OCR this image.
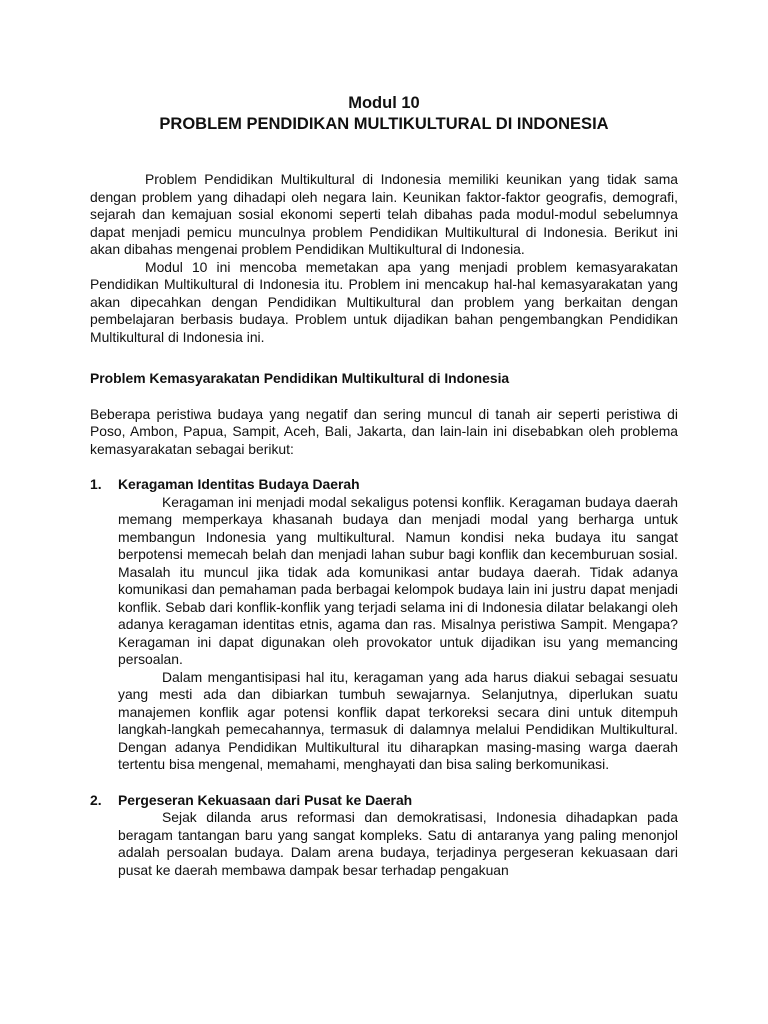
Modul 10
PROBLEM PENDIDIKAN MULTIKULTURAL DI INDONESIA

Problem Pendidikan Multikultural di Indonesia memiliki keunikan yang tidak sama dengan problem yang dihadapi oleh negara lain. Keunikan faktor-faktor geografis, demografi, sejarah dan kemajuan sosial ekonomi seperti telah dibahas pada modul-modul sebelumnya dapat menjadi pemicu munculnya problem Pendidikan Multikultural di Indonesia. Berikut ini akan dibahas mengenai problem Pendidikan Multikultural di Indonesia.

Modul 10 ini mencoba memetakan apa yang menjadi problem kemasyarakatan Pendidikan Multikultural di Indonesia itu. Problem ini mencakup hal-hal kemasyarakatan yang akan dipecahkan dengan Pendidikan Multikultural dan problem yang berkaitan dengan pembelajaran berbasis budaya. Problem untuk dijadikan bahan pengembangkan Pendidikan Multikultural di Indonesia ini.

Problem Kemasyarakatan Pendidikan Multikultural di Indonesia

Beberapa peristiwa budaya yang negatif dan sering muncul di tanah air seperti peristiwa di Poso, Ambon, Papua, Sampit, Aceh, Bali, Jakarta, dan lain-lain ini disebabkan oleh problema kemasyarakatan sebagai berikut:

1.	Keragaman Identitas Budaya Daerah

Keragaman ini menjadi modal sekaligus potensi konflik. Keragaman budaya daerah memang memperkaya khasanah budaya dan menjadi modal yang berharga untuk membangun Indonesia yang multikultural. Namun kondisi neka budaya itu sangat berpotensi memecah belah dan menjadi lahan subur bagi konflik dan kecemburuan sosial. Masalah itu muncul jika tidak ada komunikasi antar budaya daerah. Tidak adanya komunikasi dan pemahaman pada berbagai kelompok budaya lain ini justru dapat menjadi konflik. Sebab dari konflik-konflik yang terjadi selama ini di Indonesia dilatar belakangi oleh adanya keragaman identitas etnis, agama dan ras. Misalnya peristiwa Sampit. Mengapa? Keragaman ini dapat digunakan oleh provokator untuk dijadikan isu yang memancing persoalan.

Dalam mengantisipasi hal itu, keragaman yang ada harus diakui sebagai sesuatu yang mesti ada dan dibiarkan tumbuh sewajarnya. Selanjutnya, diperlukan suatu manajemen konflik agar potensi konflik dapat terkoreksi secara dini untuk ditempuh langkah-langkah pemecahannya, termasuk di dalamnya melalui Pendidikan Multikultural. Dengan adanya Pendidikan Multikultural itu diharapkan masing-masing warga daerah tertentu bisa mengenal, memahami, menghayati dan bisa saling berkomunikasi.

2.	Pergeseran Kekuasaan dari Pusat ke Daerah

Sejak dilanda arus reformasi dan demokratisasi, Indonesia dihadapkan pada beragam tantangan baru yang sangat kompleks. Satu di antaranya yang paling menonjol adalah persoalan budaya. Dalam arena budaya, terjadinya pergeseran kekuasaan dari pusat ke daerah membawa dampak besar terhadap pengakuan
